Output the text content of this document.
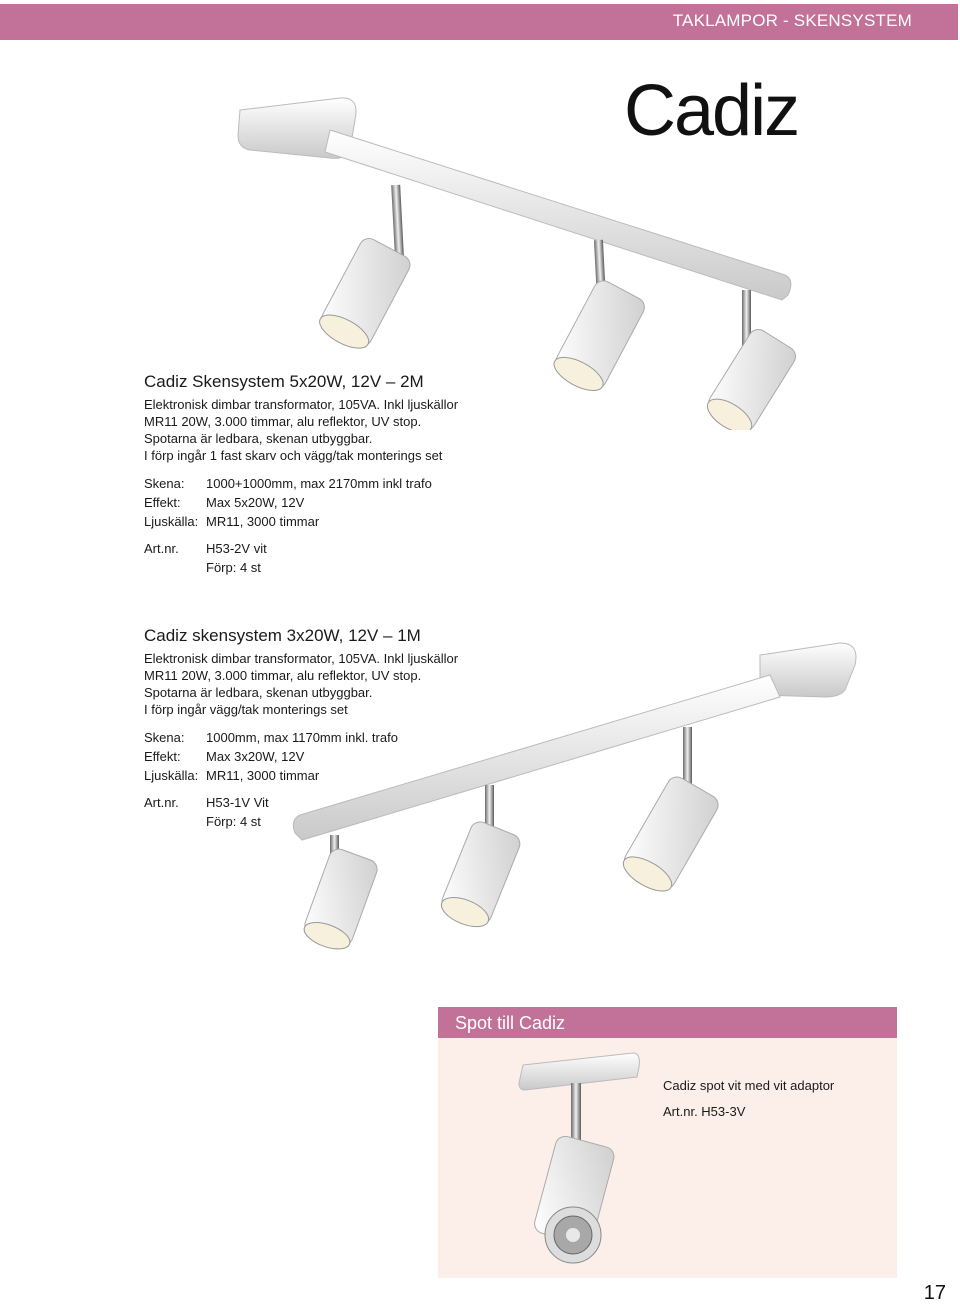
TAKLAMPOR - SKENSYSTEM
Cadiz
Cadiz Skensystem 5x20W, 12V – 2M
Elektronisk dimbar transformator, 105VA. Inkl ljuskällor
MR11 20W, 3.000 timmar, alu reflektor, UV stop.
Spotarna är ledbara, skenan utbyggbar.
I förp ingår 1 fast skarv och vägg/tak monterings set
Skena:	1000+1000mm, max 2170mm inkl trafo
Effekt:	Max 5x20W, 12V
Ljuskälla: MR11, 3000 timmar
Art.nr.	H53-2V vit
Förp: 4 st
Cadiz skensystem 3x20W, 12V – 1M
Elektronisk dimbar transformator, 105VA. Inkl ljuskällor
MR11 20W, 3.000 timmar, alu reflektor, UV stop.
Spotarna är ledbara, skenan utbyggbar.
I förp ingår vägg/tak monterings set
Skena:	1000mm, max 1170mm inkl. trafo
Effekt:	Max 3x20W, 12V
Ljuskälla: MR11, 3000 timmar
Art.nr.	H53-1V Vit
Förp: 4 st
Spot till Cadiz
Cadiz spot vit med vit adaptor
Art.nr. H53-3V
17
